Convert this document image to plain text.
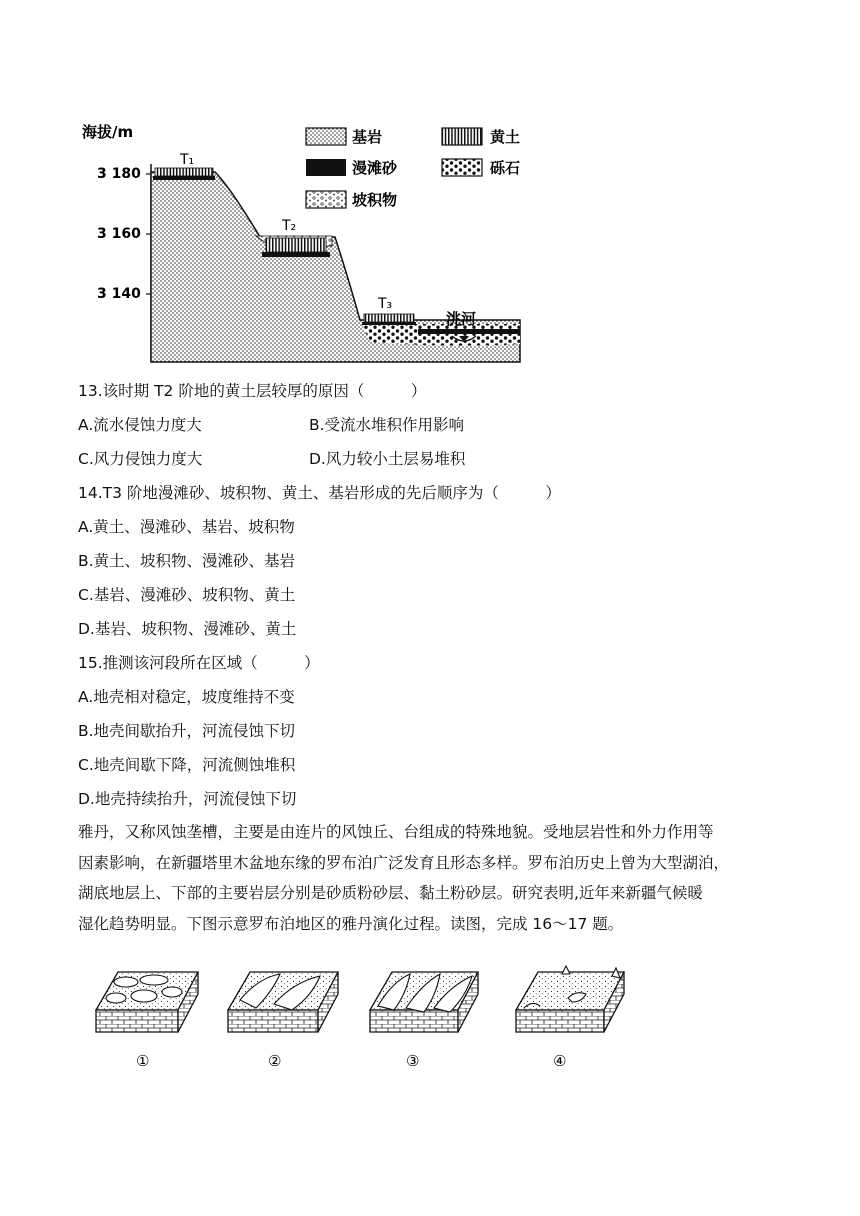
海拔/m
3 180
3 160
3 140
T₁
T₂
T₃
洮河
基岩	黄土
漫滩砂	砾石
坡积物
13.该时期 T2 阶地的黄土层较厚的原因（　　　）
A.流水侵蚀力度大	B.受流水堆积作用影响
C.风力侵蚀力度大	D.风力较小土层易堆积
14.T3 阶地漫滩砂、坡积物、黄土、基岩形成的先后顺序为（　　　）
A.黄土、漫滩砂、基岩、坡积物
B.黄土、坡积物、漫滩砂、基岩
C.基岩、漫滩砂、坡积物、黄土
D.基岩、坡积物、漫滩砂、黄土
15.推测该河段所在区域（　　　）
A.地壳相对稳定，坡度维持不变
B.地壳间歇抬升，河流侵蚀下切
C.地壳间歇下降，河流侧蚀堆积
D.地壳持续抬升，河流侵蚀下切
雅丹，又称风蚀垄槽，主要是由连片的风蚀丘、台组成的特殊地貌。受地层岩性和外力作用等
因素影响，在新疆塔里木盆地东缘的罗布泊广泛发育且形态多样。罗布泊历史上曾为大型湖泊，
湖底地层上、下部的主要岩层分别是砂质粉砂层、黏土粉砂层。研究表明,近年来新疆气候暖
湿化趋势明显。下图示意罗布泊地区的雅丹演化过程。读图，完成 16～17 题。
①	②	③	④
